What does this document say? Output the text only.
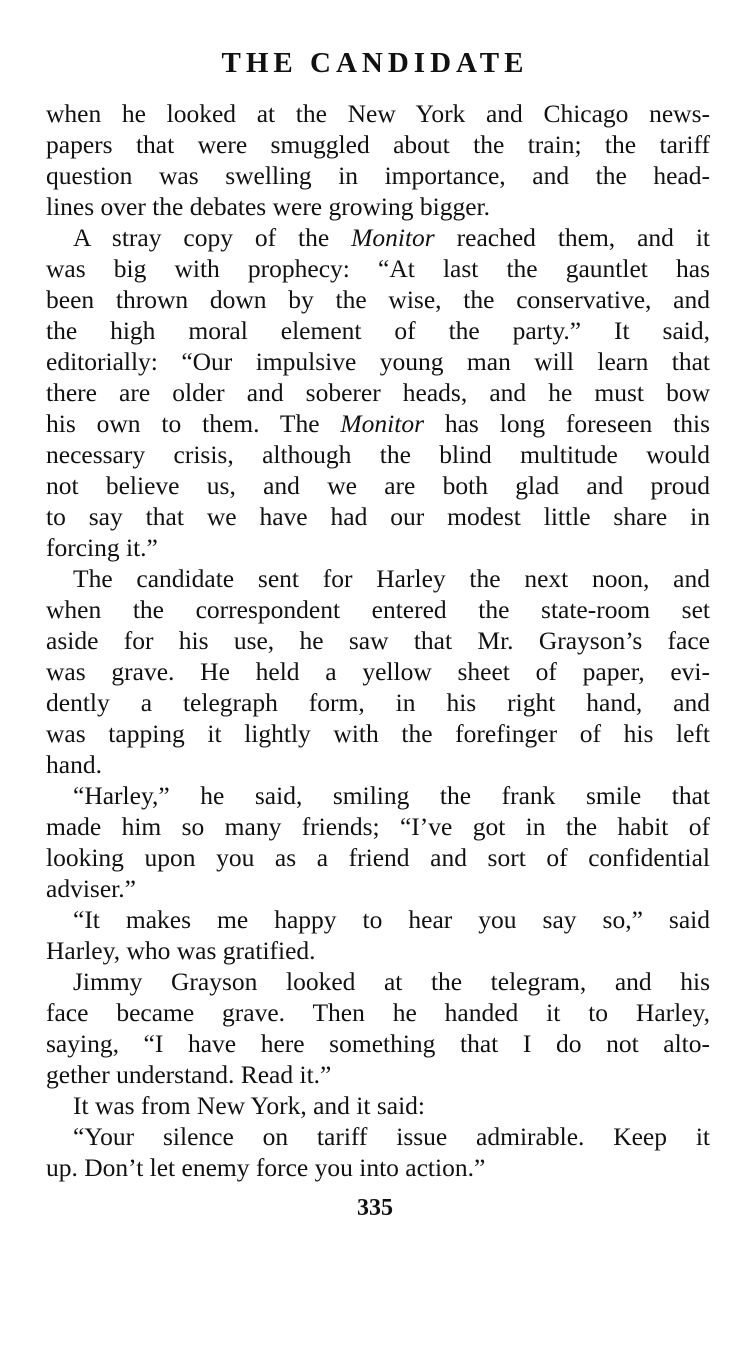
THE CANDIDATE
when he looked at the New York and Chicago news-
papers that were smuggled about the train; the tariff
question was swelling in importance, and the head-
lines over the debates were growing bigger.
A stray copy of the Monitor reached them, and it
was big with prophecy: “At last the gauntlet has
been thrown down by the wise, the conservative, and
the high moral element of the party.” It said,
editorially: “Our impulsive young man will learn that
there are older and soberer heads, and he must bow
his own to them. The Monitor has long foreseen this
necessary crisis, although the blind multitude would
not believe us, and we are both glad and proud
to say that we have had our modest little share in
forcing it.”
The candidate sent for Harley the next noon, and
when the correspondent entered the state-room set
aside for his use, he saw that Mr. Grayson’s face
was grave. He held a yellow sheet of paper, evi-
dently a telegraph form, in his right hand, and
was tapping it lightly with the forefinger of his left
hand.
“Harley,” he said, smiling the frank smile that
made him so many friends; “I’ve got in the habit of
looking upon you as a friend and sort of confidential
adviser.”
“It makes me happy to hear you say so,” said
Harley, who was gratified.
Jimmy Grayson looked at the telegram, and his
face became grave. Then he handed it to Harley,
saying, “I have here something that I do not alto-
gether understand. Read it.”
It was from New York, and it said:
“Your silence on tariff issue admirable. Keep it
up. Don’t let enemy force you into action.”
335
